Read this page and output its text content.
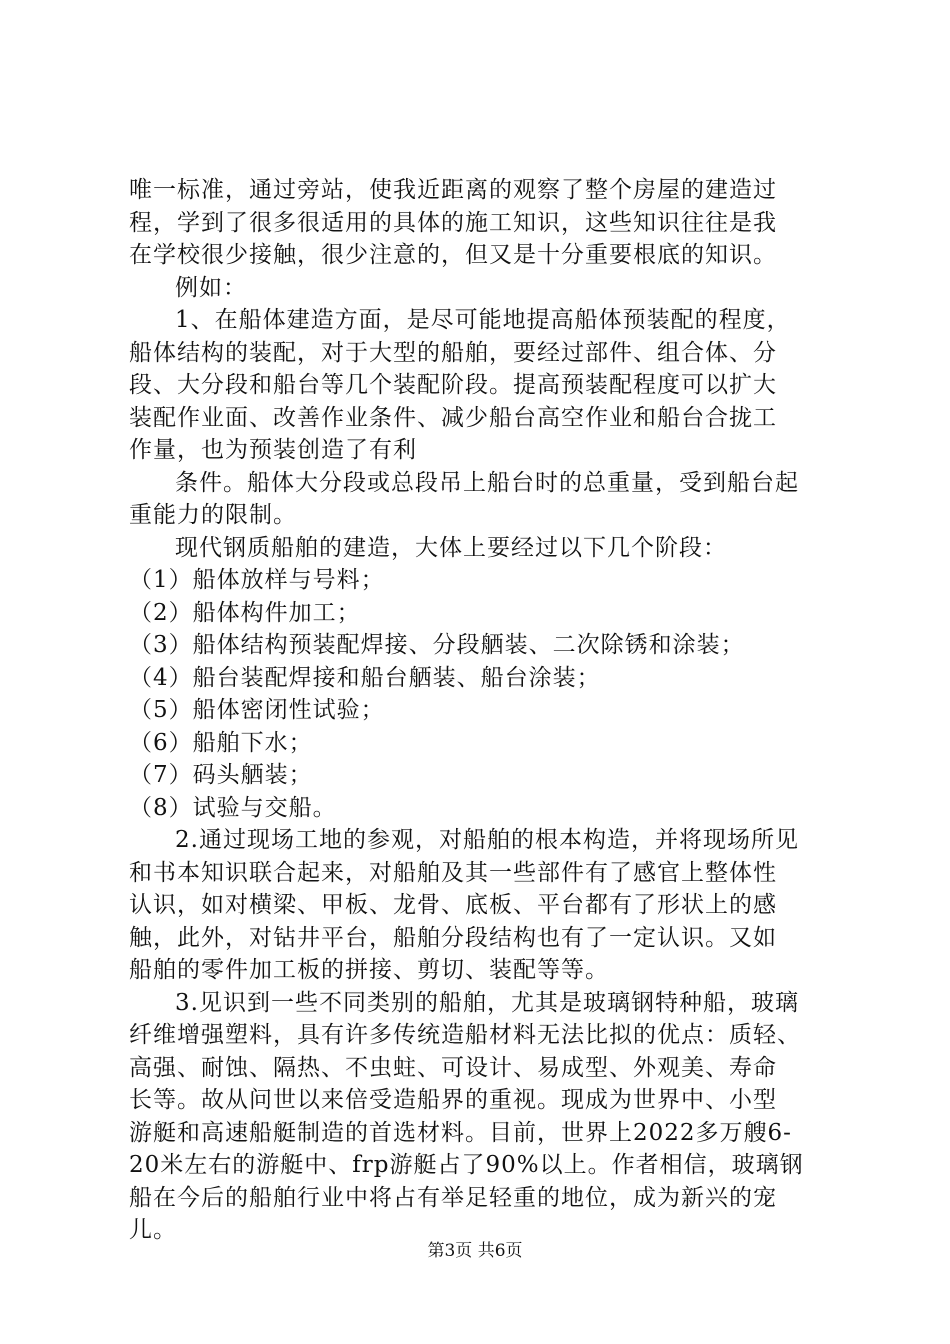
唯一标准，通过旁站，使我近距离的观察了整个房屋的建造过

程，学到了很多很适用的具体的施工知识，这些知识往往是我

在学校很少接触，很少注意的，但又是十分重要根底的知识。

例如：

1、在船体建造方面，是尽可能地提高船体预装配的程度，

船体结构的装配，对于大型的船舶，要经过部件、组合体、分

段、大分段和船台等几个装配阶段。提高预装配程度可以扩大

装配作业面、改善作业条件、减少船台高空作业和船台合拢工

作量，也为预装创造了有利

条件。船体大分段或总段吊上船台时的总重量，受到船台起

重能力的限制。

现代钢质船舶的建造，大体上要经过以下几个阶段：

（1）船体放样与号料；

（2）船体构件加工；

（3）船体结构预装配焊接、分段舾装、二次除锈和涂装；

（4）船台装配焊接和船台舾装、船台涂装；

（5）船体密闭性试验；

（6）船舶下水；

（7）码头舾装；

（8）试验与交船。

2.通过现场工地的参观，对船舶的根本构造，并将现场所见

和书本知识联合起来，对船舶及其一些部件有了感官上整体性

认识，如对横梁、甲板、龙骨、底板、平台都有了形状上的感

触，此外，对钻井平台，船舶分段结构也有了一定认识。又如

船舶的零件加工板的拼接、剪切、装配等等。

3.见识到一些不同类别的船舶，尤其是玻璃钢特种船，玻璃

纤维增强塑料，具有许多传统造船材料无法比拟的优点：质轻、

高强、耐蚀、隔热、不虫蛀、可设计、易成型、外观美、寿命

长等。故从问世以来倍受造船界的重视。现成为世界中、小型

游艇和高速船艇制造的首选材料。目前，世界上2022多万艘6-

20米左右的游艇中、frp游艇占了90%以上。作者相信，玻璃钢

船在今后的船舶行业中将占有举足轻重的地位，成为新兴的宠

儿。

第3页 共6页
